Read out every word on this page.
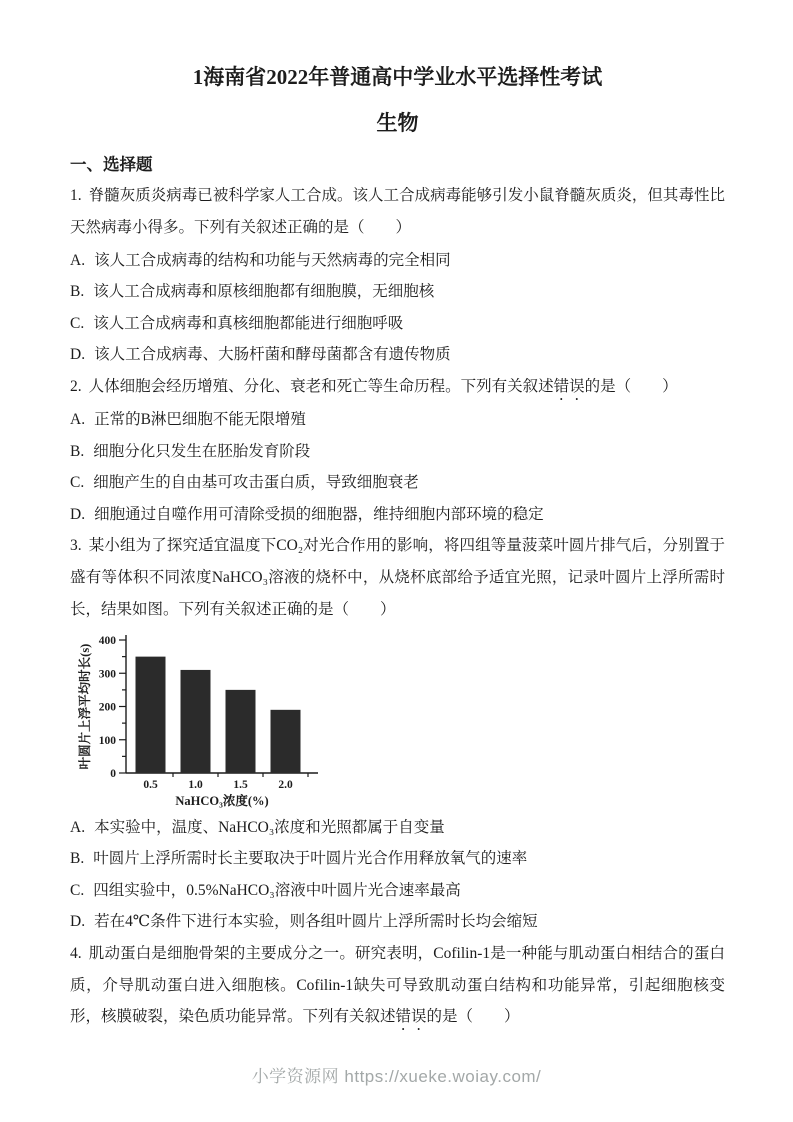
1海南省2022年普通高中学业水平选择性考试
生物
一、选择题

1. 脊髓灰质炎病毒已被科学家人工合成。该人工合成病毒能够引发小鼠脊髓灰质炎，但其毒性比天然病毒小得多。下列有关叙述正确的是（　　）

A. 该人工合成病毒的结构和功能与天然病毒的完全相同

B. 该人工合成病毒和原核细胞都有细胞膜，无细胞核

C. 该人工合成病毒和真核细胞都能进行细胞呼吸

D. 该人工合成病毒、大肠杆菌和酵母菌都含有遗传物质

2. 人体细胞会经历增殖、分化、衰老和死亡等生命历程。下列有关叙述错误的是（　　）

A. 正常的B淋巴细胞不能无限增殖

B. 细胞分化只发生在胚胎发育阶段

C. 细胞产生的自由基可攻击蛋白质，导致细胞衰老

D. 细胞通过自噬作用可清除受损的细胞器，维持细胞内部环境的稳定

3. 某小组为了探究适宜温度下CO₂对光合作用的影响，将四组等量菠菜叶圆片排气后，分别置于盛有等体积不同浓度NaHCO₃溶液的烧杯中，从烧杯底部给予适宜光照，记录叶圆片上浮所需时长，结果如图。下列有关叙述正确的是（　　）

0
100
200
300
400
0.5	1.0	1.5	2.0
NaHCO₃浓度(%)
叶圆片上浮平均时长(s)

A. 本实验中，温度、NaHCO₃浓度和光照都属于自变量

B. 叶圆片上浮所需时长主要取决于叶圆片光合作用释放氧气的速率

C. 四组实验中，0.5%NaHCO₃溶液中叶圆片光合速率最高

D. 若在4℃条件下进行本实验，则各组叶圆片上浮所需时长均会缩短

4. 肌动蛋白是细胞骨架的主要成分之一。研究表明，Cofilin-1是一种能与肌动蛋白相结合的蛋白质，介导肌动蛋白进入细胞核。Cofilin-1缺失可导致肌动蛋白结构和功能异常，引起细胞核变形，核膜破裂，染色质功能异常。下列有关叙述错误的是（　　）

小学资源网 https://xueke.woiay.com/
